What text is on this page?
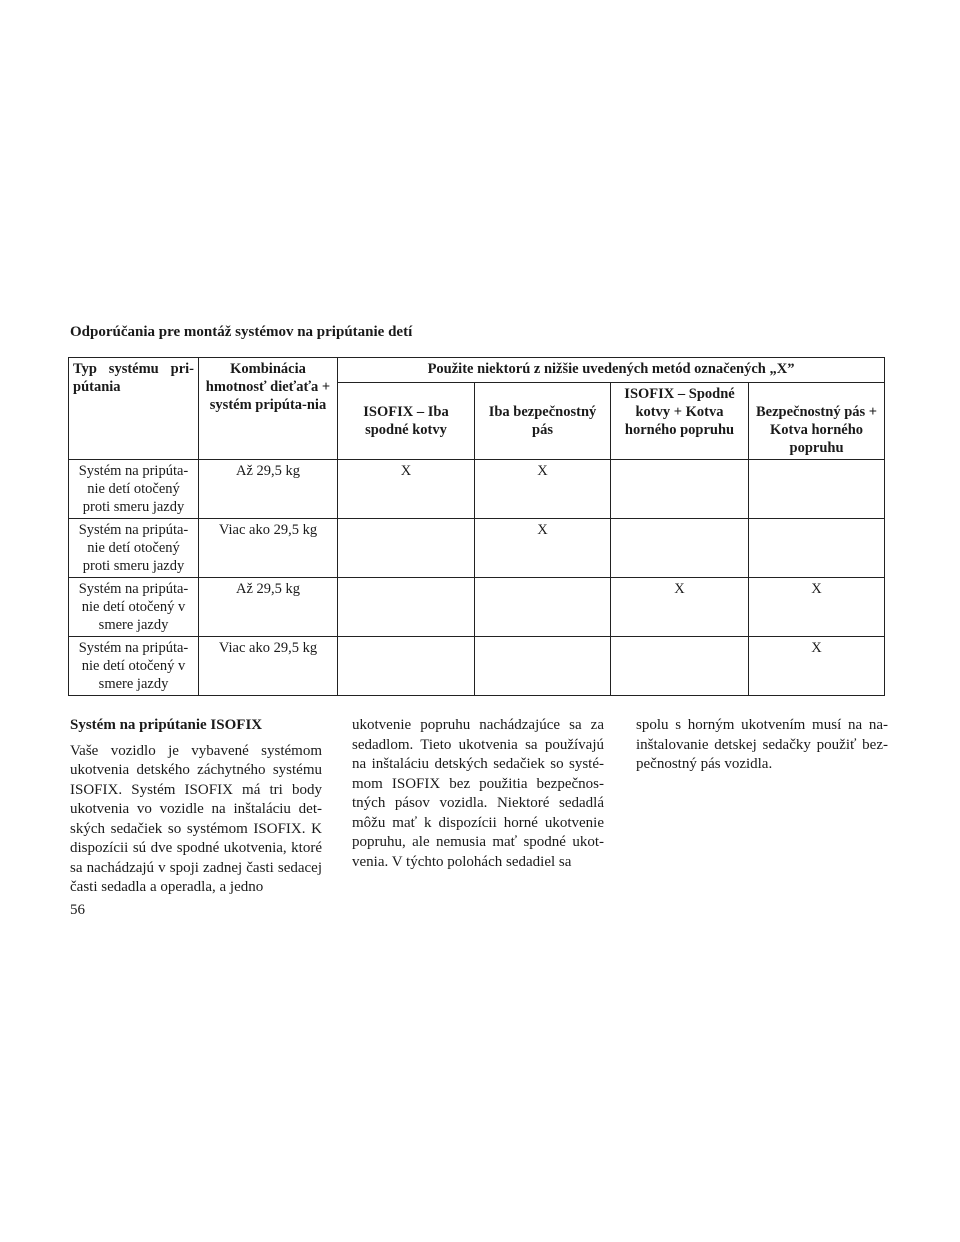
Odporúčania pre montáž systémov na pripútanie detí
Typ systému pri-pútania	Kombinácia hmotnosť dieťaťa + systém pripúta-nia	Použite niektorú z nižšie uvedených metód označených „X”			
		ISOFIX – Iba spodné kotvy	Iba bezpečnostný pás	ISOFIX – Spodné kotvy + Kotva horného popruhu	Bezpečnostný pás + Kotva horného popruhu
Systém na pripúta-nie detí otočený proti smeru jazdy	Až 29,5 kg	X	X		
Systém na pripúta-nie detí otočený proti smeru jazdy	Viac ako 29,5 kg		X		
Systém na pripúta-nie detí otočený v smere jazdy	Až 29,5 kg			X	X
Systém na pripúta-nie detí otočený v smere jazdy	Viac ako 29,5 kg				X

Systém na pripútanie ISOFIX

Vaše vozidlo je vybavené systémom ukotvenia detského záchytného systému ISOFIX. Systém ISOFIX má tri body ukotvenia vo vozidle na inštaláciu det-ských sedačiek so systémom ISOFIX. K dispozícii sú dve spodné ukotvenia, ktoré sa nachádzajú v spoji zadnej časti sedacej časti sedadla a operadla, a jedno

ukotvenie popruhu nachádzajúce sa za sedadlom. Tieto ukotvenia sa používajú na inštaláciu detských sedačiek so systé-mom ISOFIX bez použitia bezpečnos-tných pásov vozidla. Niektoré sedadlá môžu mať k dispozícii horné ukotvenie popruhu, ale nemusia mať spodné ukot-venia. V týchto polohách sedadiel sa

spolu s horným ukotvením musí na na-inštalovanie detskej sedačky použiť bez-pečnostný pás vozidla.

56
